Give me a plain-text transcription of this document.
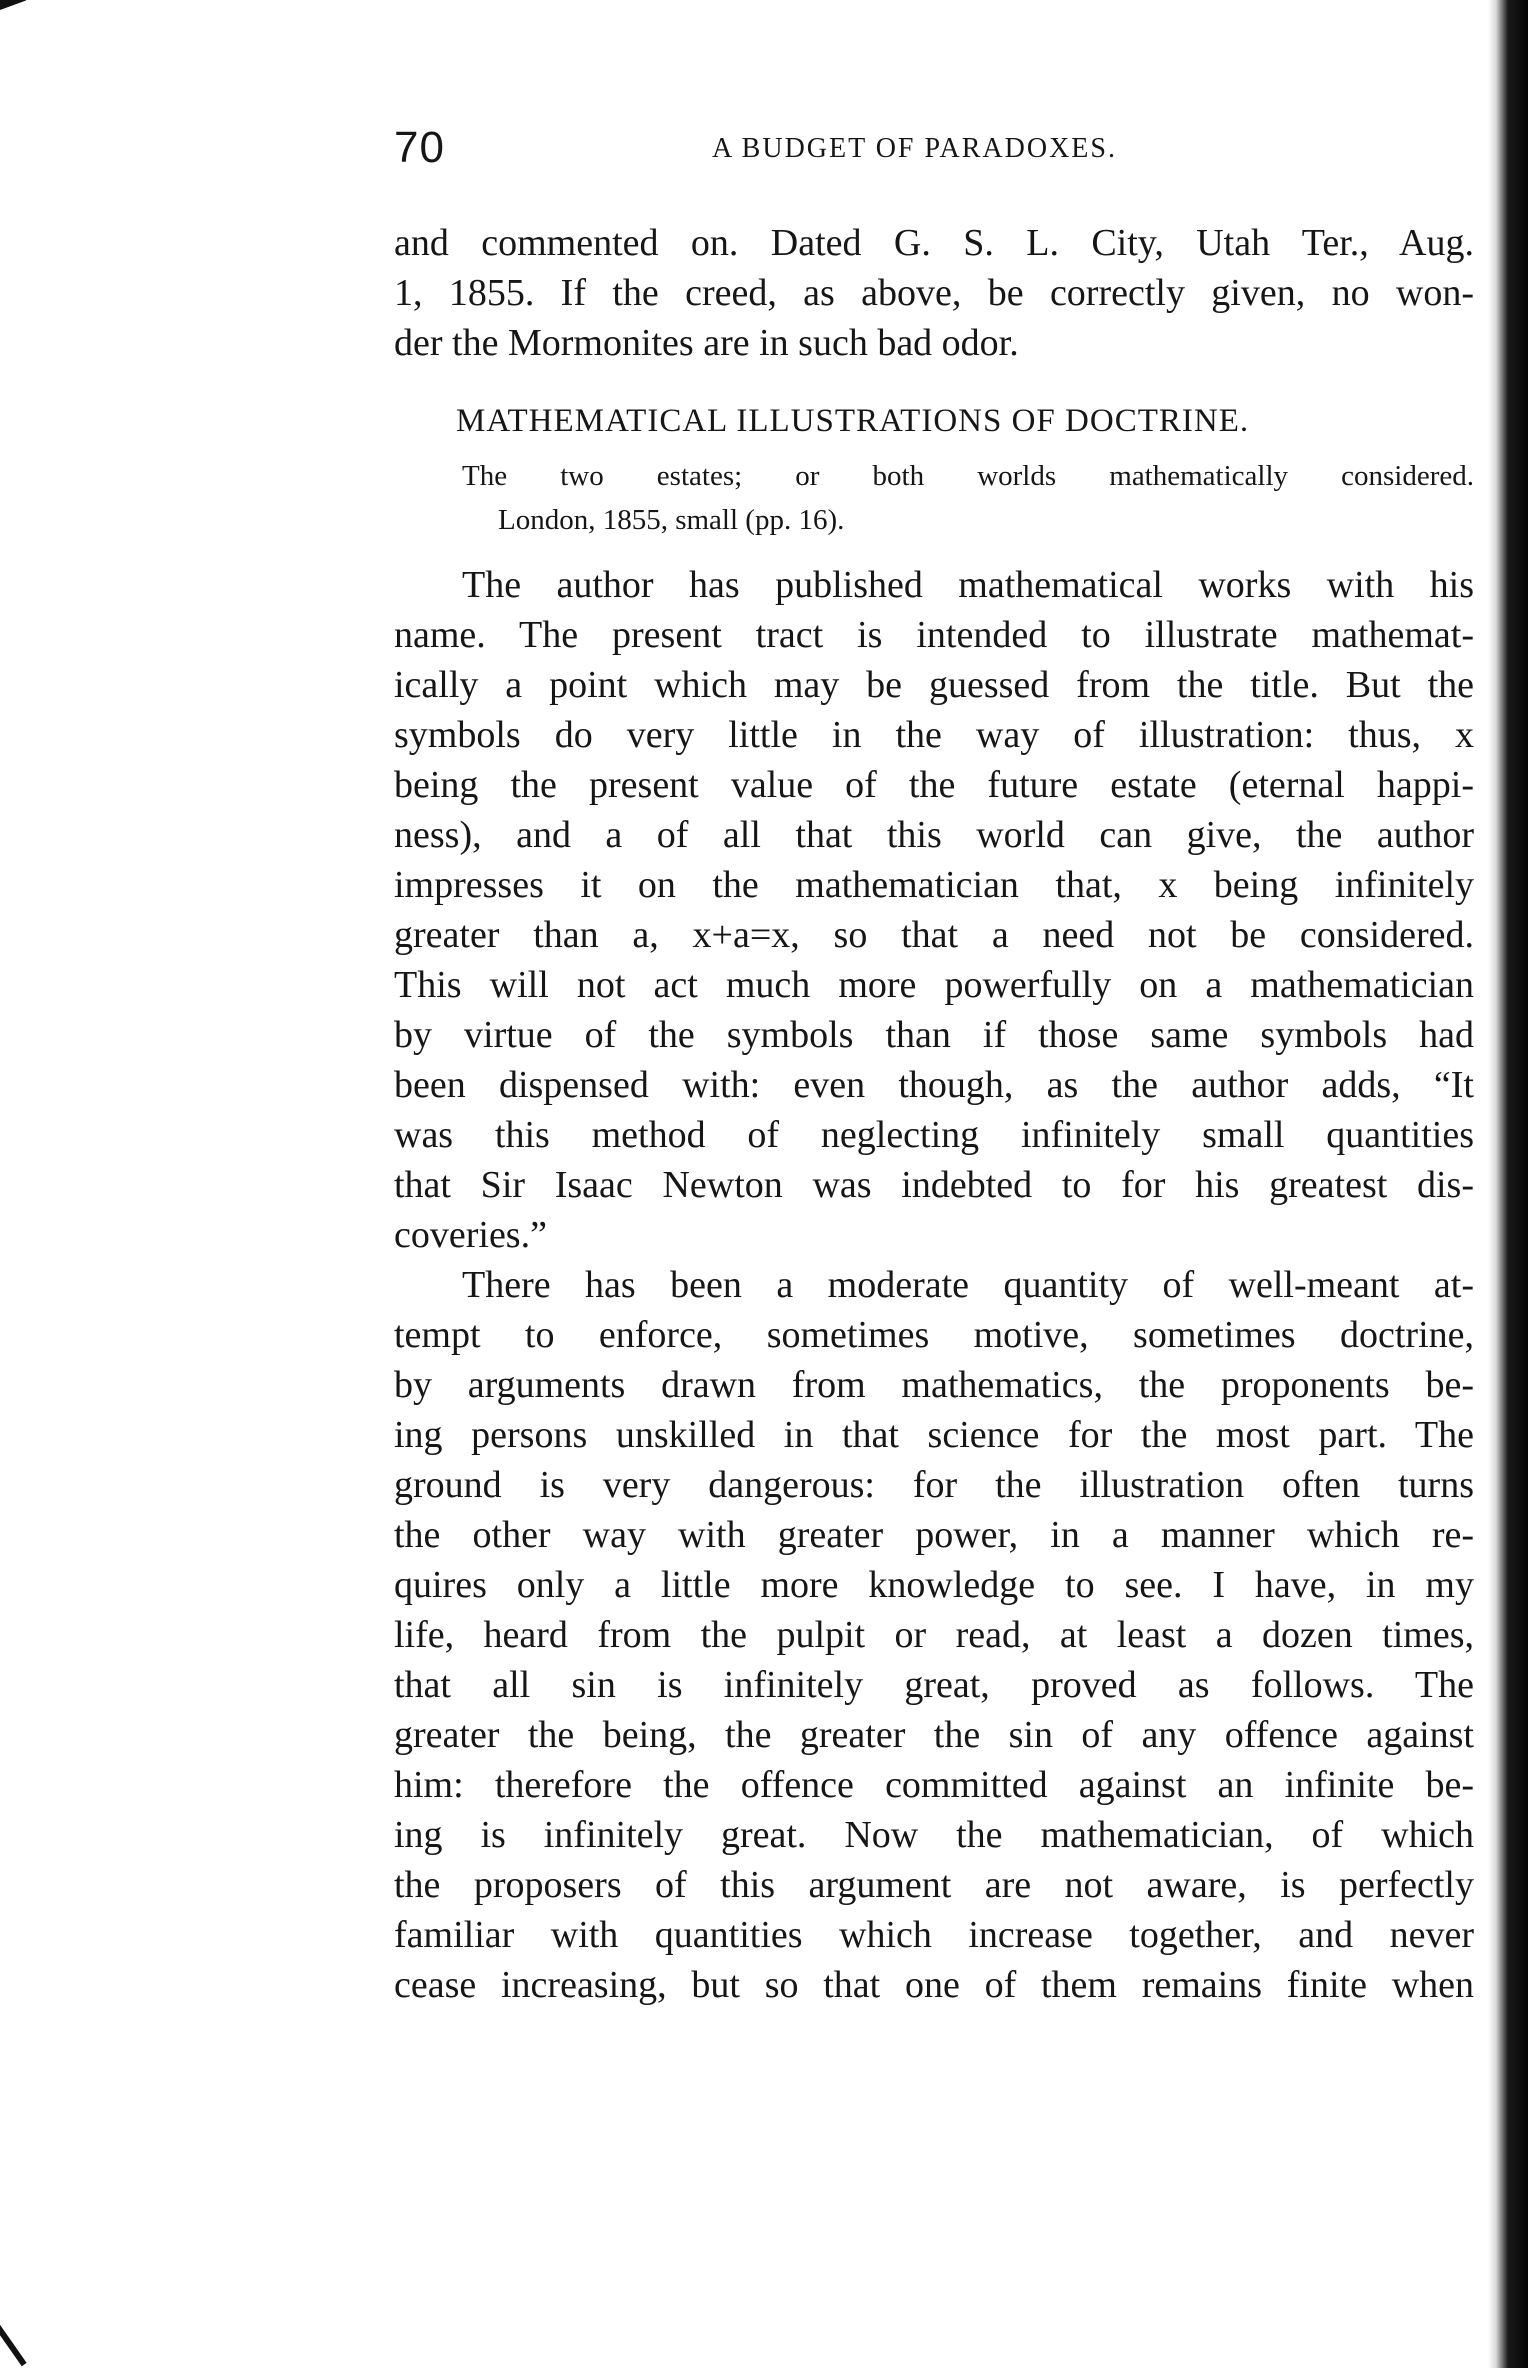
70	A BUDGET OF PARADOXES.
and commented on. Dated G. S. L. City, Utah Ter., Aug.
1, 1855. If the creed, as above, be correctly given, no won-
der the Mormonites are in such bad odor.
MATHEMATICAL ILLUSTRATIONS OF DOCTRINE.
The two estates; or both worlds mathematically considered.
London, 1855, small (pp. 16).
The author has published mathematical works with his
name. The present tract is intended to illustrate mathemat-
ically a point which may be guessed from the title. But the
symbols do very little in the way of illustration: thus, x
being the present value of the future estate (eternal happi-
ness), and a of all that this world can give, the author
impresses it on the mathematician that, x being infinitely
greater than a, x+a=x, so that a need not be considered.
This will not act much more powerfully on a mathematician
by virtue of the symbols than if those same symbols had
been dispensed with: even though, as the author adds, “It
was this method of neglecting infinitely small quantities
that Sir Isaac Newton was indebted to for his greatest dis-
coveries.”
There has been a moderate quantity of well-meant at-
tempt to enforce, sometimes motive, sometimes doctrine,
by arguments drawn from mathematics, the proponents be-
ing persons unskilled in that science for the most part. The
ground is very dangerous: for the illustration often turns
the other way with greater power, in a manner which re-
quires only a little more knowledge to see. I have, in my
life, heard from the pulpit or read, at least a dozen times,
that all sin is infinitely great, proved as follows. The
greater the being, the greater the sin of any offence against
him: therefore the offence committed against an infinite be-
ing is infinitely great. Now the mathematician, of which
the proposers of this argument are not aware, is perfectly
familiar with quantities which increase together, and never
cease increasing, but so that one of them remains finite when
